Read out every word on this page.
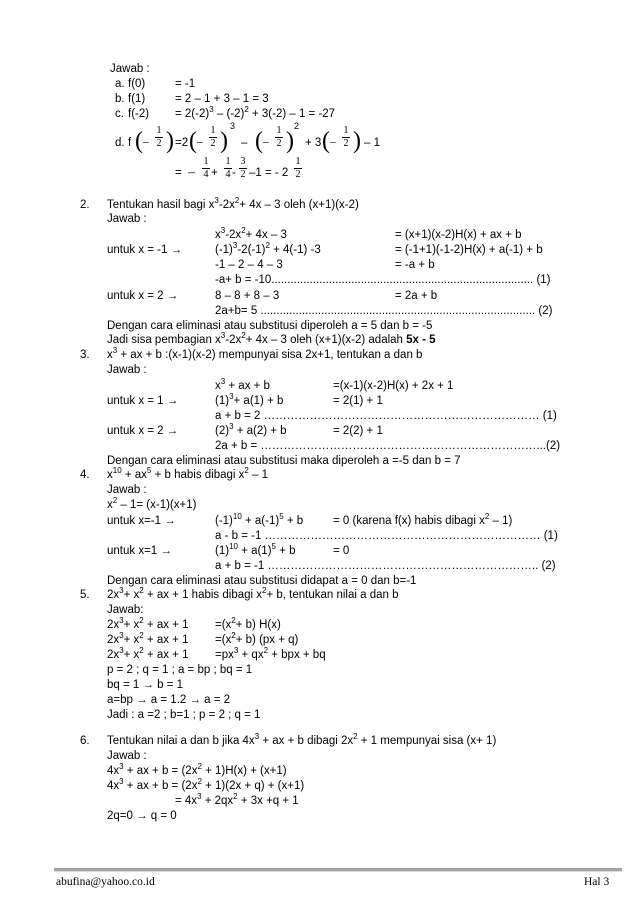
Jawab :
a. f(0)	= -1
b. f(1)	= 2 – 1 + 3 – 1 = 3
c. $f(-2) = 2(-2)^3 - (-2)^2 + 3(-2) - 1 = -27$
d. f ( –
1
2 ) =2 ( –
1
2 )
3
– ( –
1
2 )
2
+ 3 ( –
1
2 ) – 1
= –
1
4 +
1
4 -
3
2 –1 = - 2
1
2
2. Tentukan hasil bagi $x^3-2x^2+ 4x - 3$ oleh (x+1)(x-2)
Jawab :
$x^3-2x^2+ 4x - 3$	= (x+1)(x-2)H(x) + ax + b
untuk x = -1 →	$(-1)^3-2(-1)^2 + 4(-1)$ -3	= (-1+1)(-1-2)H(x) + a(-1) + b
-1 – 2 – 4 – 3	= -a + b
-a+ b = -10.................................................................................. (1)
untuk x = 2 →	8 – 8 + 8 – 3	= 2a + b
2a+b= 5 ...................................................................................... (2)
Dengan cara eliminasi atau substitusi diperoleh a = 5 dan b = -5
Jadi sisa pembagian $x^3-2x^2+ 4x - 3$ oleh (x+1)(x-2) adalah 5x - 5
3. $x^3$ + ax + b :(x-1)(x-2) mempunyai sisa 2x+1, tentukan a dan b
Jawab :
$x^3$ + ax + b	=(x-1)(x-2)H(x) + 2x + 1
untuk x = 1 →	$(1)^3+ a(1) + b$	= 2(1) + 1
a + b = 2 ……………………………………………………………… (1)
untuk x = 2 →	$(2)^3 + a(2) + b$	= 2(2) + 1
2a + b = ………………………………………………………………...(2)
Dengan cara eliminasi atau substitusi maka diperoleh a =-5 dan b = 7
4. $x^{10} + ax^5 + b$ habis dibagi $x^2 - 1$
Jawab :
$x^2 - 1= (x-1)(x+1)$
untuk x=-1 →	$(-1)^{10} + a(-1)^5 + b$	= 0 (karena f(x) habis dibagi $x^2 - 1$)
a - b = -1 ……………………………………………………………… (1)
untuk x=1 →	$(1)^{10} + a(1)^5 + b$	= 0
a + b = -1 …………………………………………………………….. (2)
Dengan cara eliminasi atau substitusi didapat a = 0 dan b=-1
5. $2x^3+ x^2$ + ax + 1 habis dibagi $x^2+ b$, tentukan nilai a dan b
Jawab:
$2x^3+ x^2$ + ax + $1 =(x^2+ b)$ H(x)
$2x^3+ x^2$ + ax + $1 =(x^2+ b) (px + q)$
$2x^3+ x^2$ + ax + $1 =px^3 + qx^2$ + bpx + bq
p = 2 ; q = 1 ; a = bp ; bq = 1
bq = 1 → b = 1
a=bp → a = 1.2 → a = 2
Jadi : a =2 ; b=1 ; p = 2 ; q = 1
6. Tentukan nilai a dan b jika $4x^3$ + ax + b dibagi $2x^2 + 1$ mempunyai sisa (x+ 1)
Jawab :
$4x^3$ + ax + $b = (2x^2 + 1)H(x) + (x+1)$
$4x^3$ + ax + $b = (2x^2 + 1)(2x + q) + (x+1)$
= $4x^3 + 2qx^2 + 3x +q + 1$
2q=0 → q = 0
abufina@yahoo.co.id	Hal 3
